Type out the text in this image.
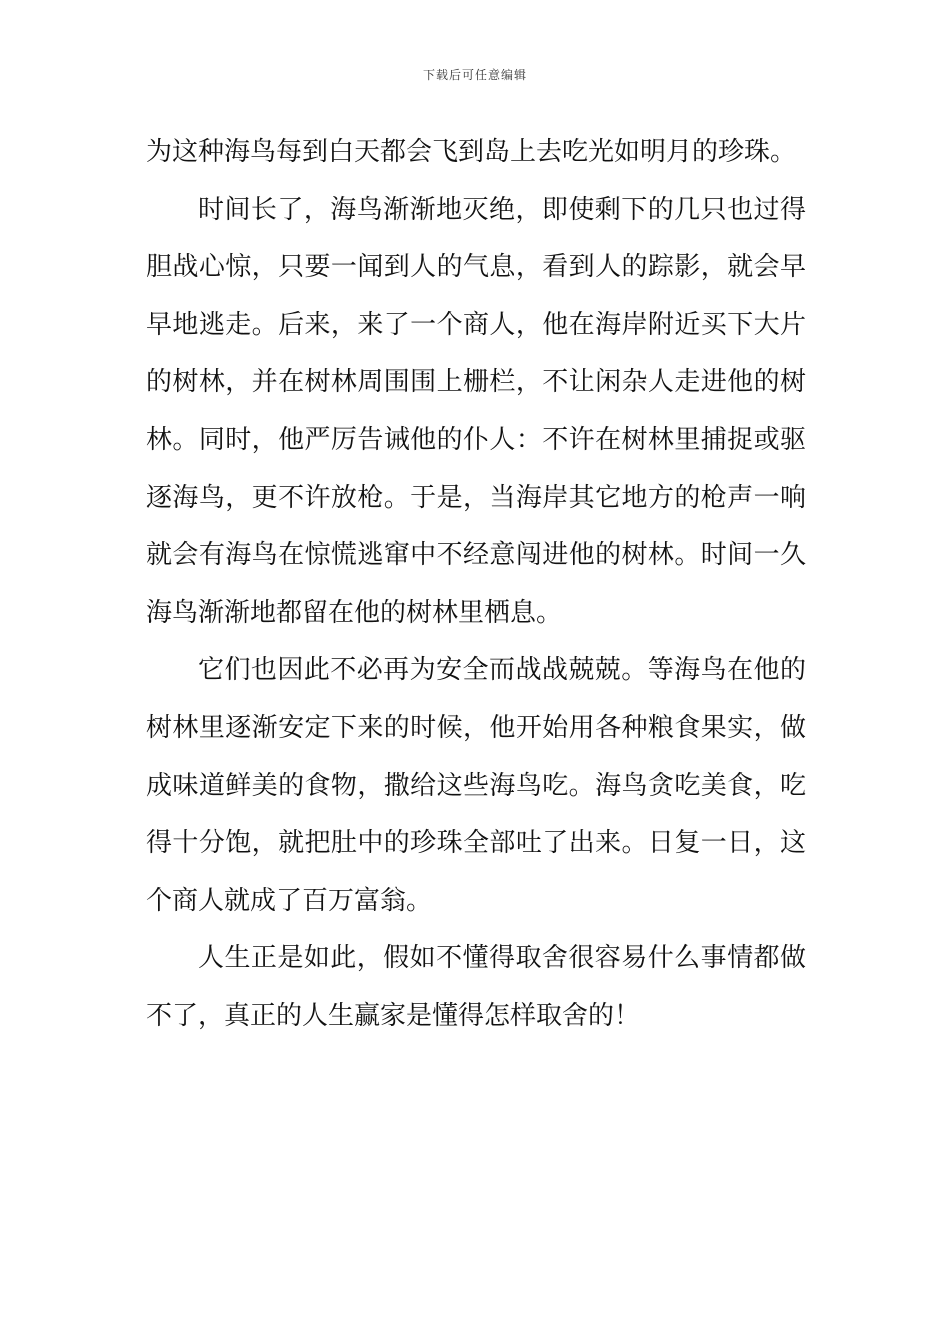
下载后可任意编辑

为这种海鸟每到白天都会飞到岛上去吃光如明月的珍珠。

时间长了，海鸟渐渐地灭绝，即使剩下的几只也过得胆战心惊，只要一闻到人的气息，看到人的踪影，就会早早地逃走。后来，来了一个商人，他在海岸附近买下大片的树林，并在树林周围围上栅栏，不让闲杂人走进他的树林。同时，他严厉告诫他的仆人：不许在树林里捕捉或驱逐海鸟，更不许放枪。于是，当海岸其它地方的枪声一响就会有海鸟在惊慌逃窜中不经意闯进他的树林。时间一久海鸟渐渐地都留在他的树林里栖息。

它们也因此不必再为安全而战战兢兢。等海鸟在他的树林里逐渐安定下来的时候，他开始用各种粮食果实，做成味道鲜美的食物，撒给这些海鸟吃。海鸟贪吃美食，吃得十分饱，就把肚中的珍珠全部吐了出来。日复一日，这个商人就成了百万富翁。

人生正是如此，假如不懂得取舍很容易什么事情都做不了，真正的人生赢家是懂得怎样取舍的！
